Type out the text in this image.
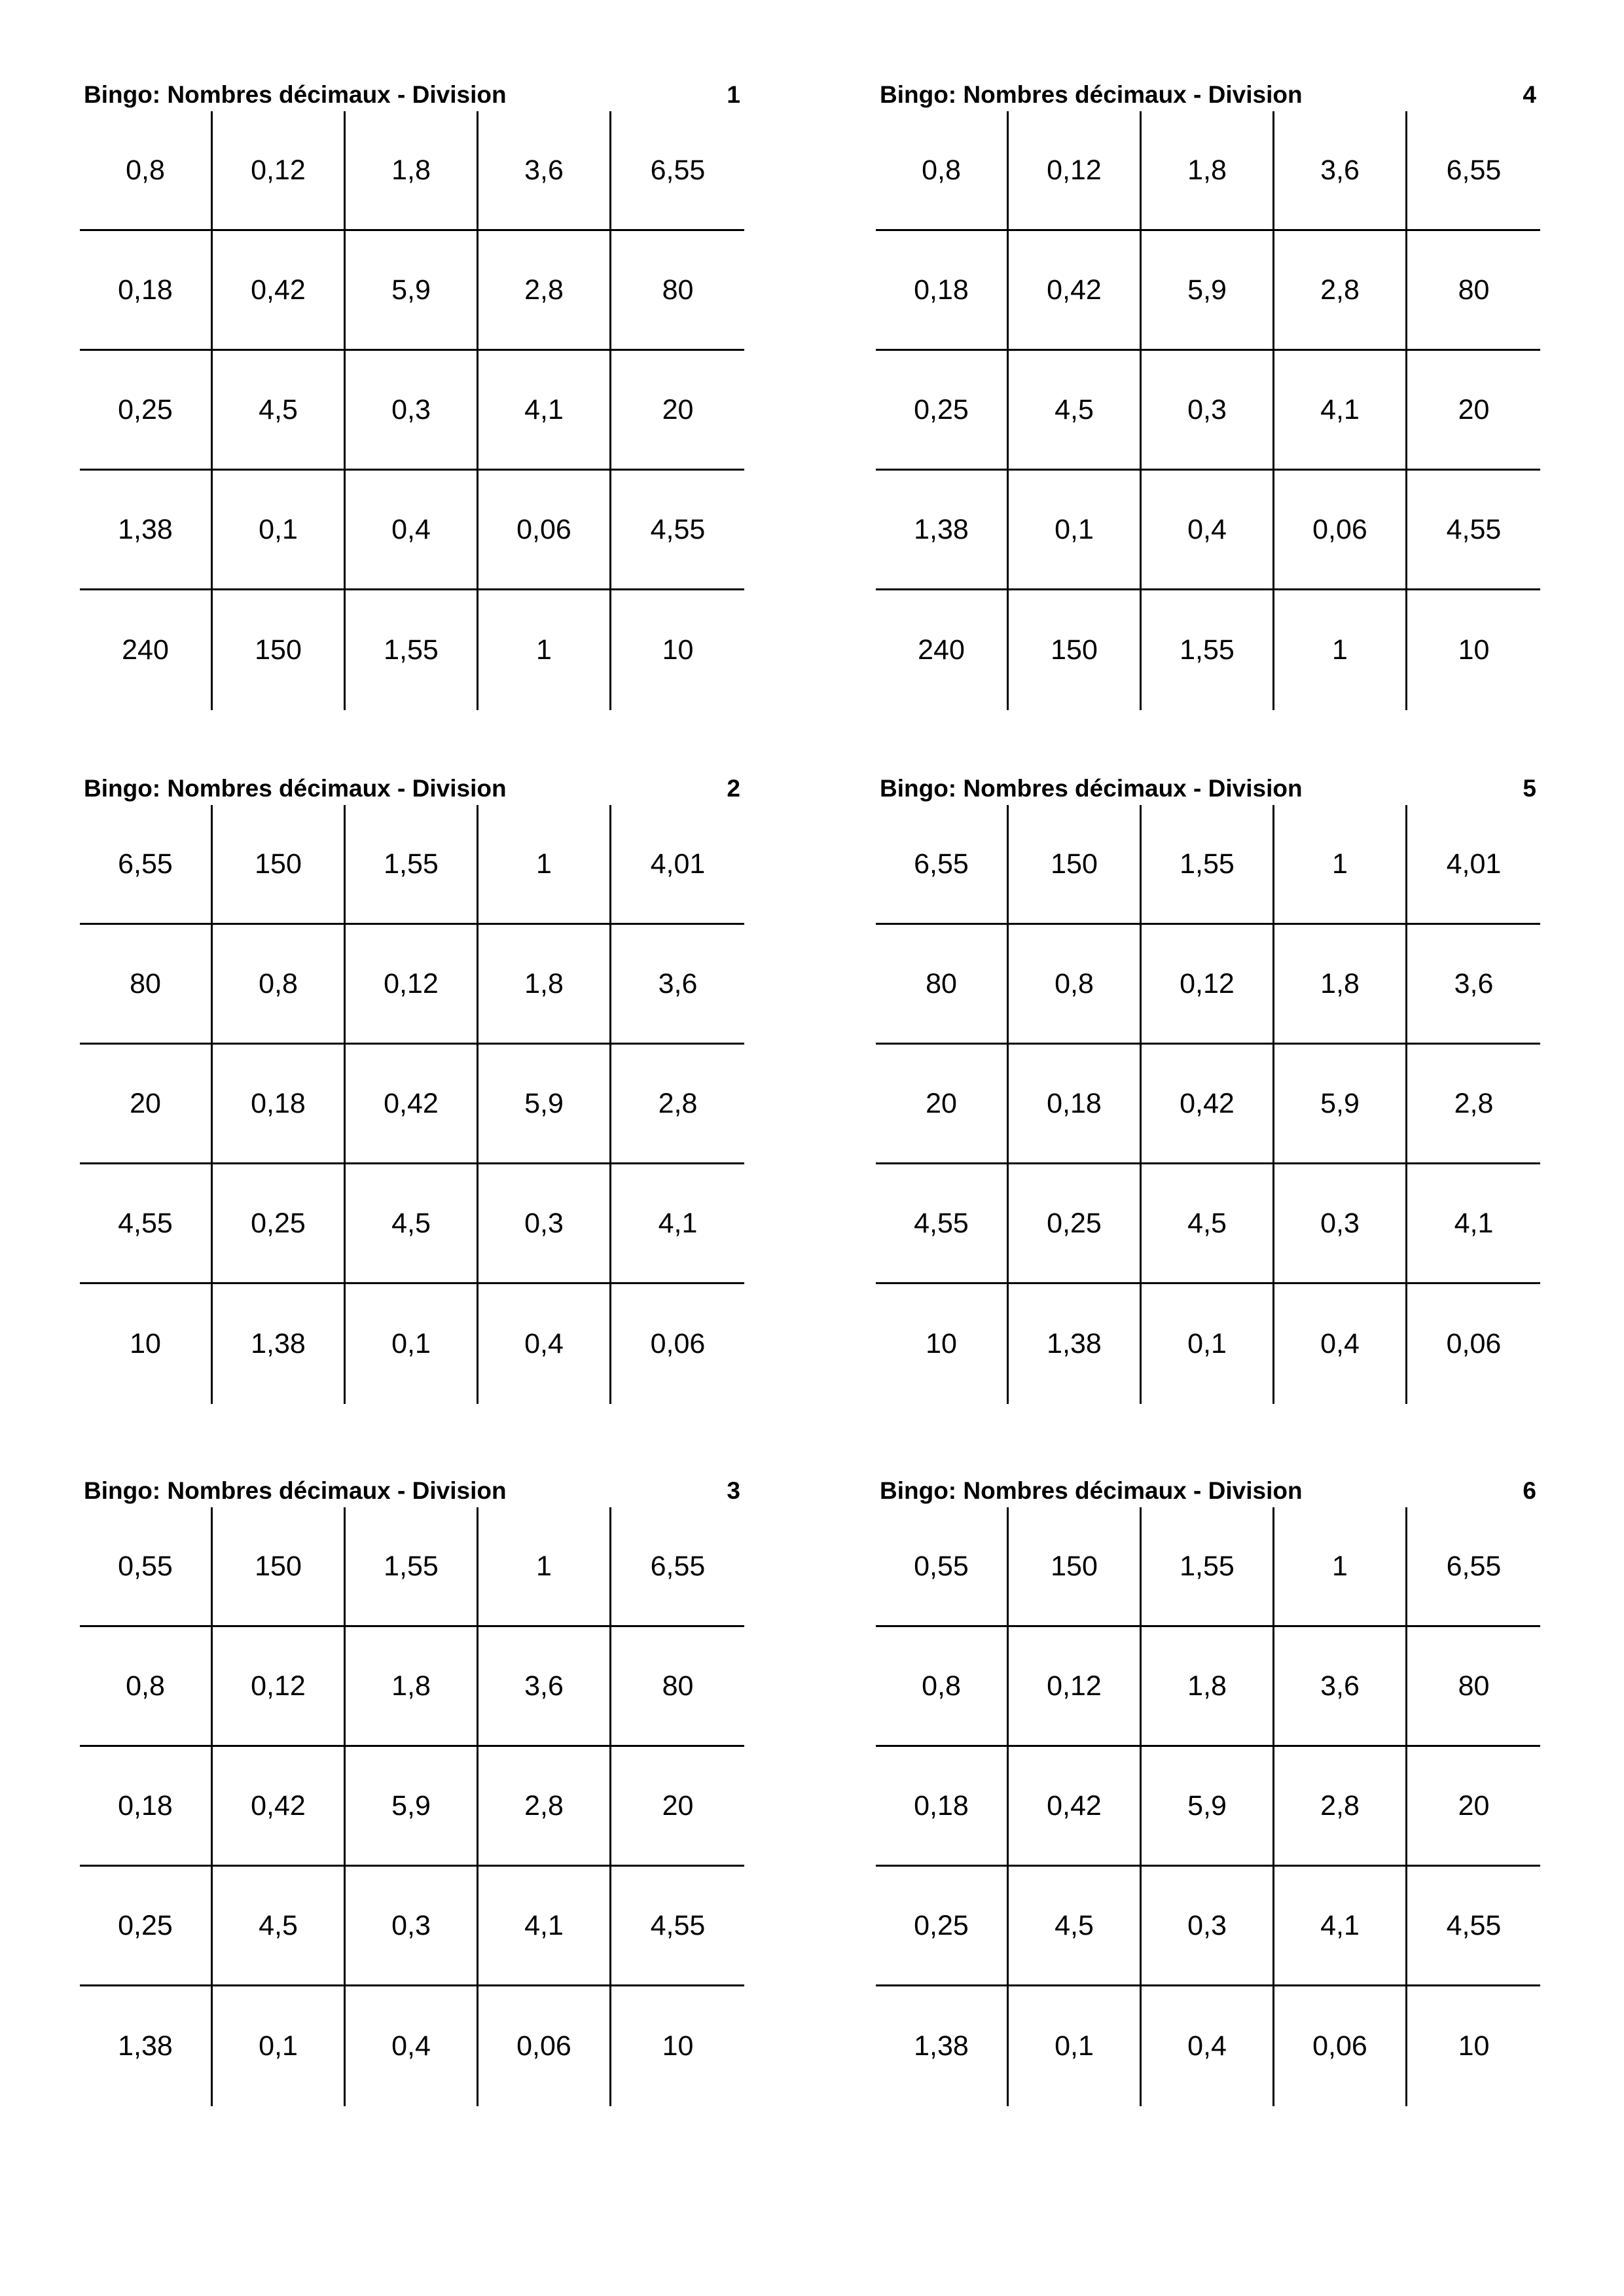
Bingo: Nombres décimaux - Division	1
0,8	0,12	1,8	3,6	6,55
0,18	0,42	5,9	2,8	80
0,25	4,5	0,3	4,1	20
1,38	0,1	0,4	0,06	4,55
240	150	1,55	1	10
Bingo: Nombres décimaux - Division	4
0,8	0,12	1,8	3,6	6,55
0,18	0,42	5,9	2,8	80
0,25	4,5	0,3	4,1	20
1,38	0,1	0,4	0,06	4,55
240	150	1,55	1	10
Bingo: Nombres décimaux - Division	2
6,55	150	1,55	1	4,01
80	0,8	0,12	1,8	3,6
20	0,18	0,42	5,9	2,8
4,55	0,25	4,5	0,3	4,1
10	1,38	0,1	0,4	0,06
Bingo: Nombres décimaux - Division	5
6,55	150	1,55	1	4,01
80	0,8	0,12	1,8	3,6
20	0,18	0,42	5,9	2,8
4,55	0,25	4,5	0,3	4,1
10	1,38	0,1	0,4	0,06
Bingo: Nombres décimaux - Division	3
0,55	150	1,55	1	6,55
0,8	0,12	1,8	3,6	80
0,18	0,42	5,9	2,8	20
0,25	4,5	0,3	4,1	4,55
1,38	0,1	0,4	0,06	10
Bingo: Nombres décimaux - Division	6
0,55	150	1,55	1	6,55
0,8	0,12	1,8	3,6	80
0,18	0,42	5,9	2,8	20
0,25	4,5	0,3	4,1	4,55
1,38	0,1	0,4	0,06	10
